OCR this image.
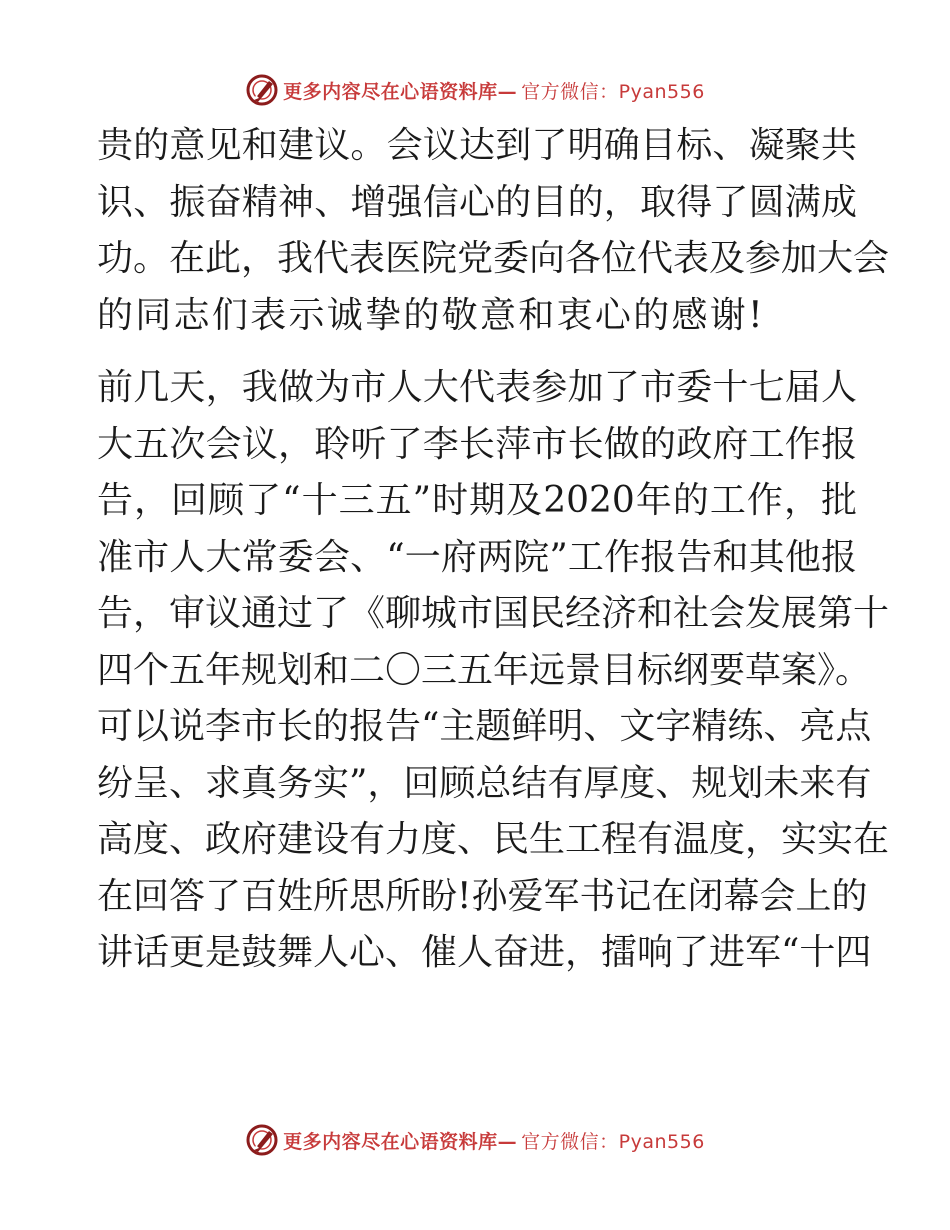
更多内容尽在心语资料库— 官方微信：Pyan556
贵的意见和建议。会议达到了明确目标、凝聚共
识、振奋精神、增强信心的目的，取得了圆满成
功。在此，我代表医院党委向各位代表及参加大会
的同志们表示诚挚的敬意和衷心的感谢!
前几天，我做为市人大代表参加了市委十七届人
大五次会议，聆听了李长萍市长做的政府工作报
告，回顾了“十三五”时期及2020年的工作，批
准市人大常委会、“一府两院”工作报告和其他报
告，审议通过了《聊城市国民经济和社会发展第十
四个五年规划和二〇三五年远景目标纲要草案》。
可以说李市长的报告“主题鲜明、文字精练、亮点
纷呈、求真务实”，回顾总结有厚度、规划未来有
高度、政府建设有力度、民生工程有温度，实实在
在回答了百姓所思所盼!孙爱军书记在闭幕会上的
讲话更是鼓舞人心、催人奋进，擂响了进军“十四
更多内容尽在心语资料库— 官方微信：Pyan556
